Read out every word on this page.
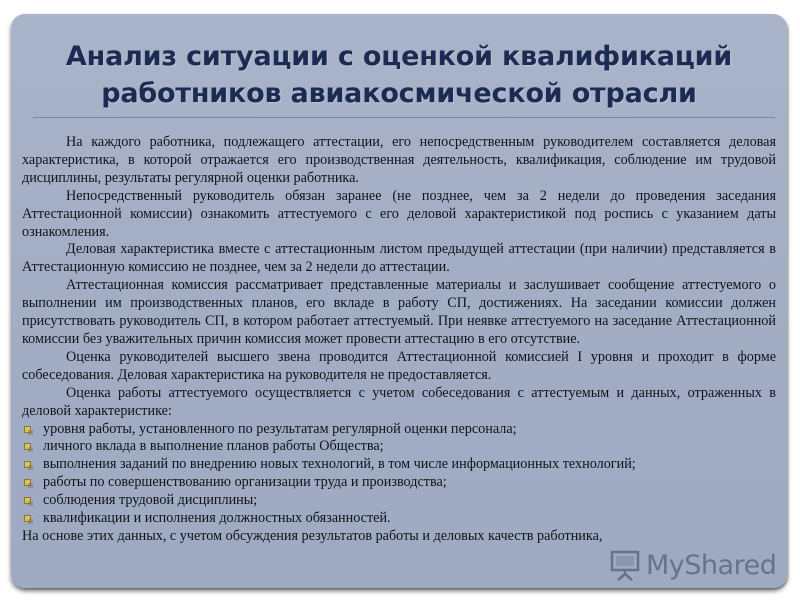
Анализ ситуации с оценкой квалификаций
работников авиакосмической отрасли

На каждого работника, подлежащего аттестации, его непосредственным руководителем составляется деловая характеристика, в которой отражается его производственная деятельность, квалификация, соблюдение им трудовой дисциплины, результаты регулярной оценки работника.

Непосредственный руководитель обязан заранее (не позднее, чем за 2 недели до проведения заседания Аттестационной комиссии) ознакомить аттестуемого с его деловой характеристикой под роспись с указанием даты ознакомления.

Деловая характеристика вместе с аттестационным листом предыдущей аттестации (при наличии) представляется в Аттестационную комиссию не позднее, чем за 2 недели до аттестации.

Аттестационная комиссия рассматривает представленные материалы и заслушивает сообщение аттестуемого о выполнении им производственных планов, его вкладе в работу СП, достижениях. На заседании комиссии должен присутствовать руководитель СП, в котором работает аттестуемый. При неявке аттестуемого на заседание Аттестационной комиссии без уважительных причин комиссия может провести аттестацию в его отсутствие.

Оценка руководителей высшего звена проводится Аттестационной комиссией I уровня и проходит в форме собеседования. Деловая характеристика на руководителя не предоставляется.

Оценка работы аттестуемого осуществляется с учетом собеседования с аттестуемым и данных, отраженных в деловой характеристике:

уровня работы, установленного по результатам регулярной оценки персонала;
личного вклада в выполнение планов работы Общества;
выполнения заданий по внедрению новых технологий, в том числе информационных технологий;
работы по совершенствованию организации труда и производства;
соблюдения трудовой дисциплины;
квалификации и исполнения должностных обязанностей.

На основе этих данных, с учетом обсуждения результатов работы и деловых качеств работника,

MyShared
